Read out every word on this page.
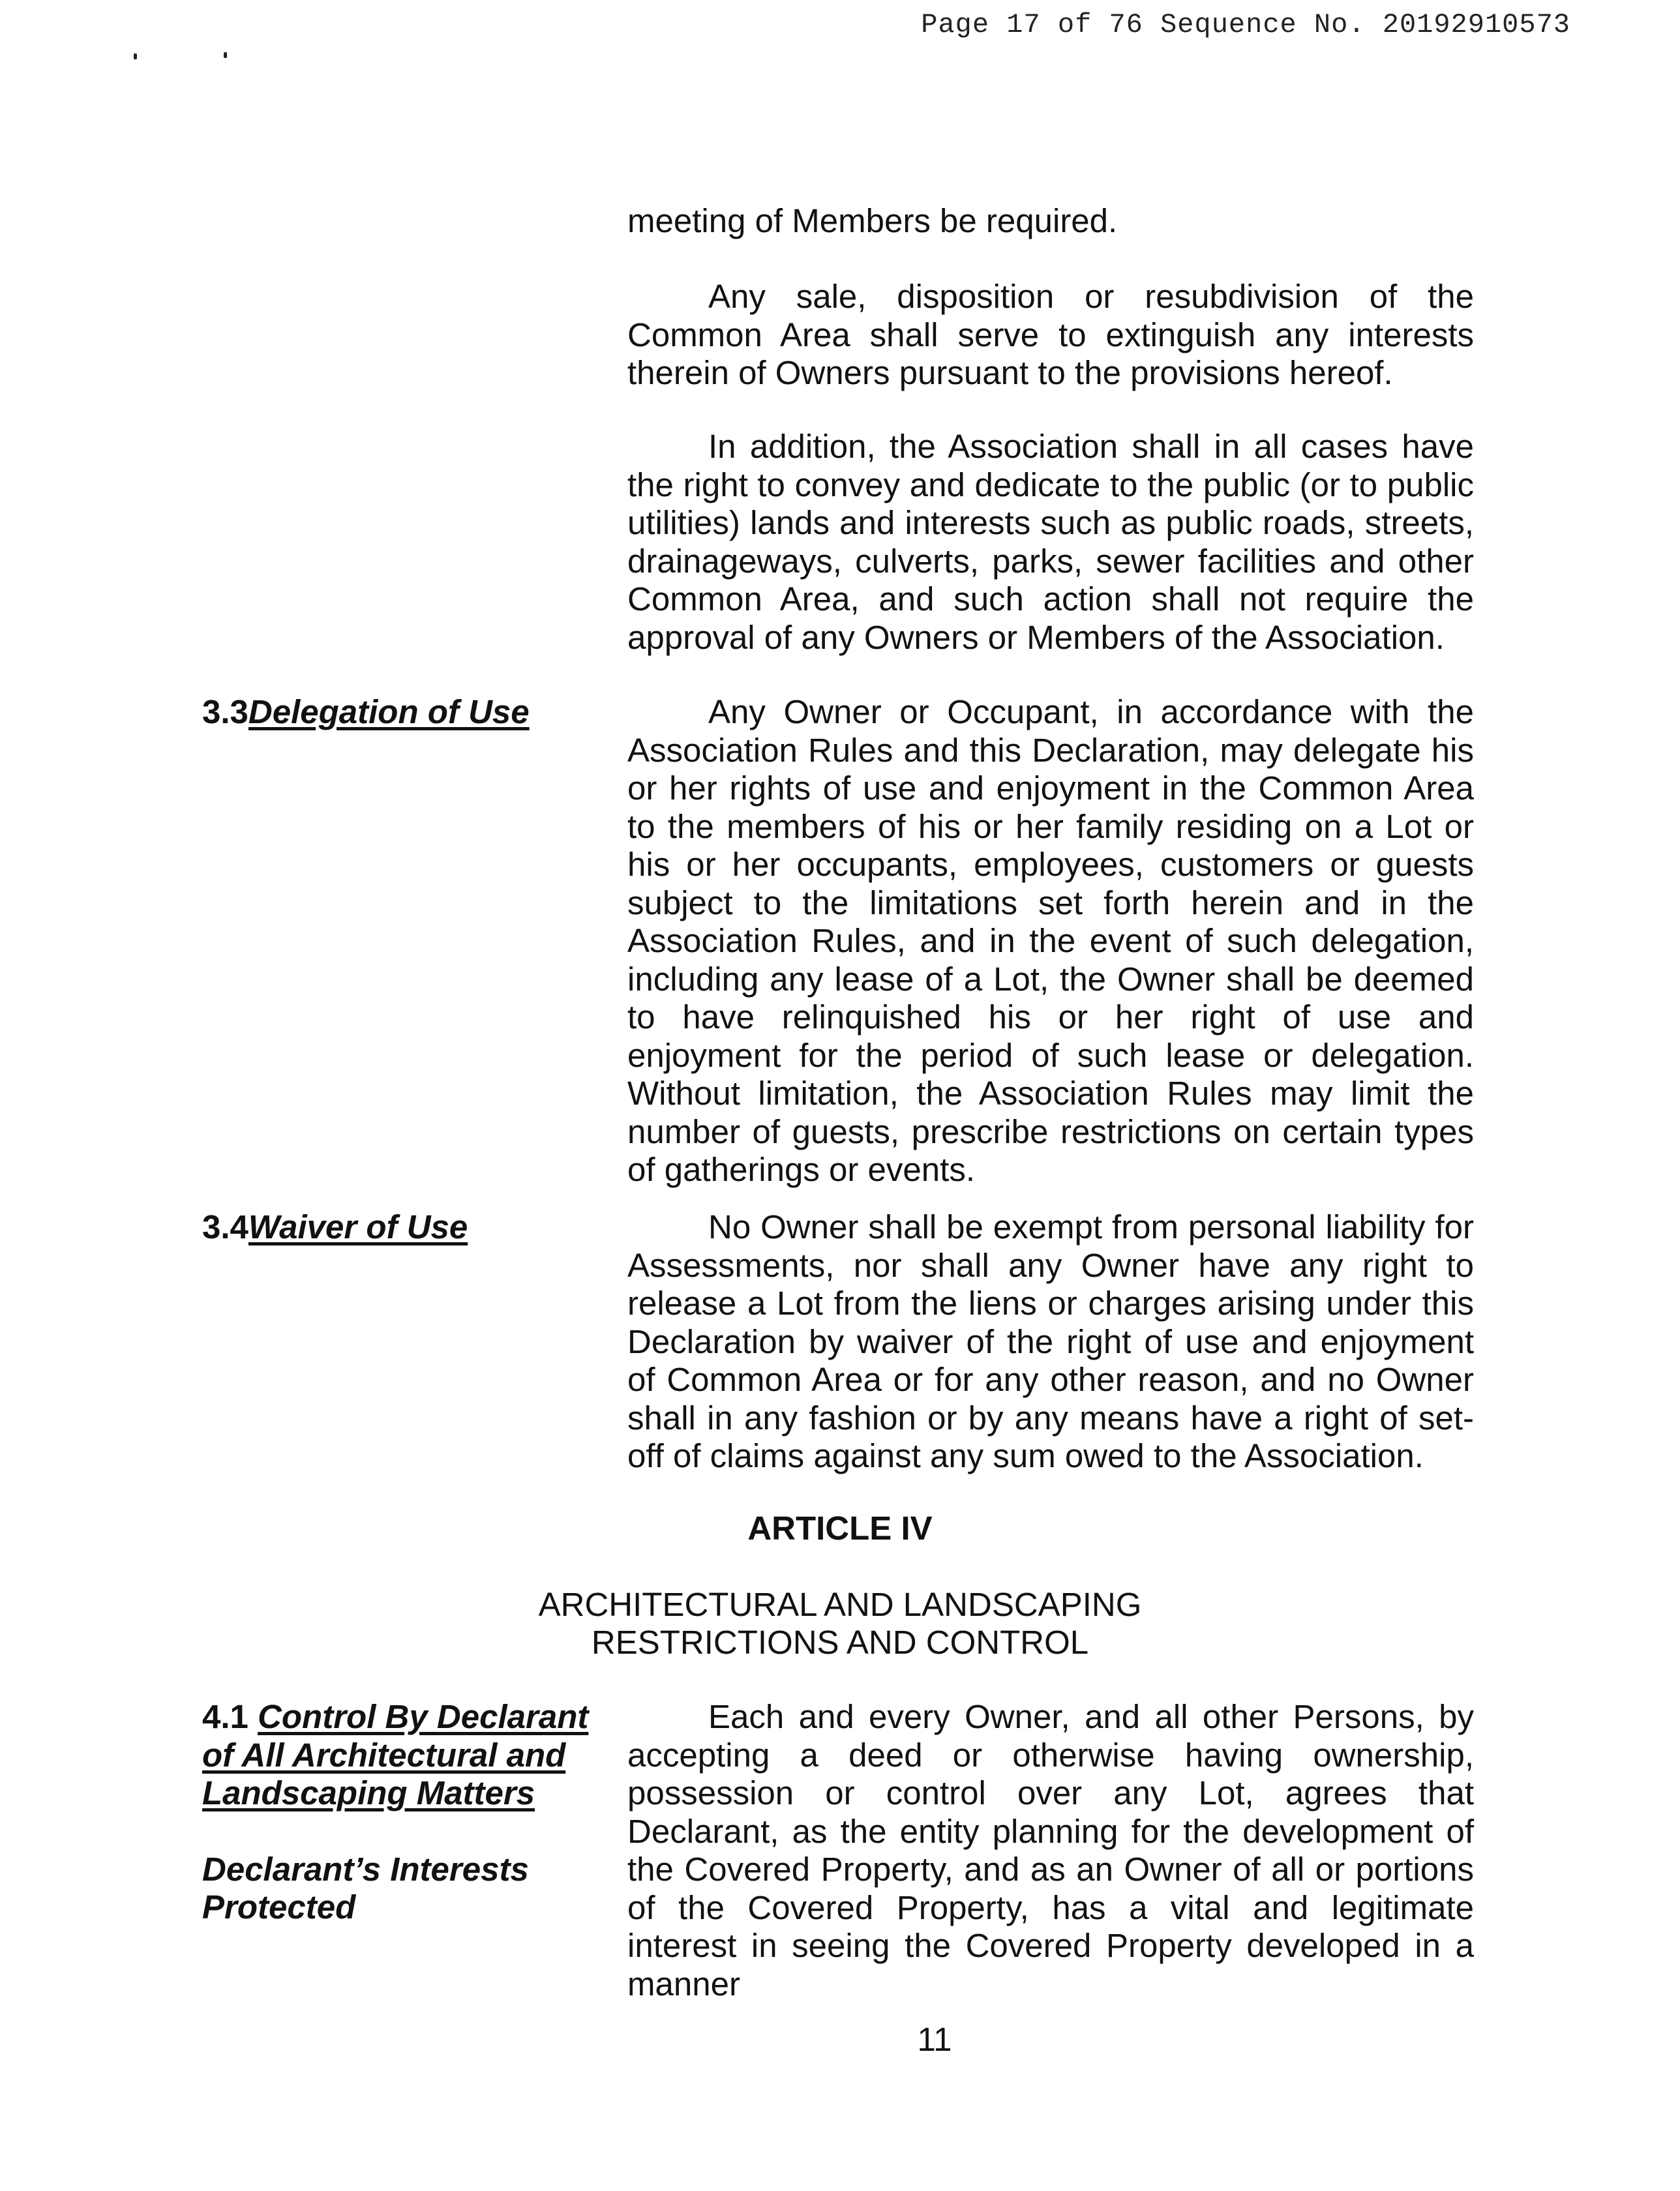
Page 17 of 76 Sequence No. 20192910573

meeting of Members be required.

Any sale, disposition or resubdivision of the Common Area shall serve to extinguish any interests therein of Owners pursuant to the provisions hereof.

In addition, the Association shall in all cases have the right to convey and dedicate to the public (or to public utilities) lands and interests such as public roads, streets, drainageways, culverts, parks, sewer facilities and other Common Area, and such action shall not require the approval of any Owners or Members of the Association.

3.3Delegation of Use	Any Owner or Occupant, in accordance with the Association Rules and this Declaration, may delegate his or her rights of use and enjoyment in the Common Area to the members of his or her family residing on a Lot or his or her occupants, employees, customers or guests subject to the limitations set forth herein and in the Association Rules, and in the event of such delegation, including any lease of a Lot, the Owner shall be deemed to have relinquished his or her right of use and enjoyment for the period of such lease or delegation. Without limitation, the Association Rules may limit the number of guests, prescribe restrictions on certain types of gatherings or events.

3.4Waiver of Use	No Owner shall be exempt from personal liability for Assessments, nor shall any Owner have any right to release a Lot from the liens or charges arising under this Declaration by waiver of the right of use and enjoyment of Common Area or for any other reason, and no Owner shall in any fashion or by any means have a right of set-off of claims against any sum owed to the Association.

ARTICLE IV
ARCHITECTURAL AND LANDSCAPING
RESTRICTIONS AND CONTROL
4.1 Control By Declarant
of All Architectural and
Landscaping Matters
Declarant’s Interests
Protected

Each and every Owner, and all other Persons, by accepting a deed or otherwise having ownership, possession or control over any Lot, agrees that Declarant, as the entity planning for the development of the Covered Property, and as an Owner of all or portions of the Covered Property, has a vital and legitimate interest in seeing the Covered Property developed in a manner

11
